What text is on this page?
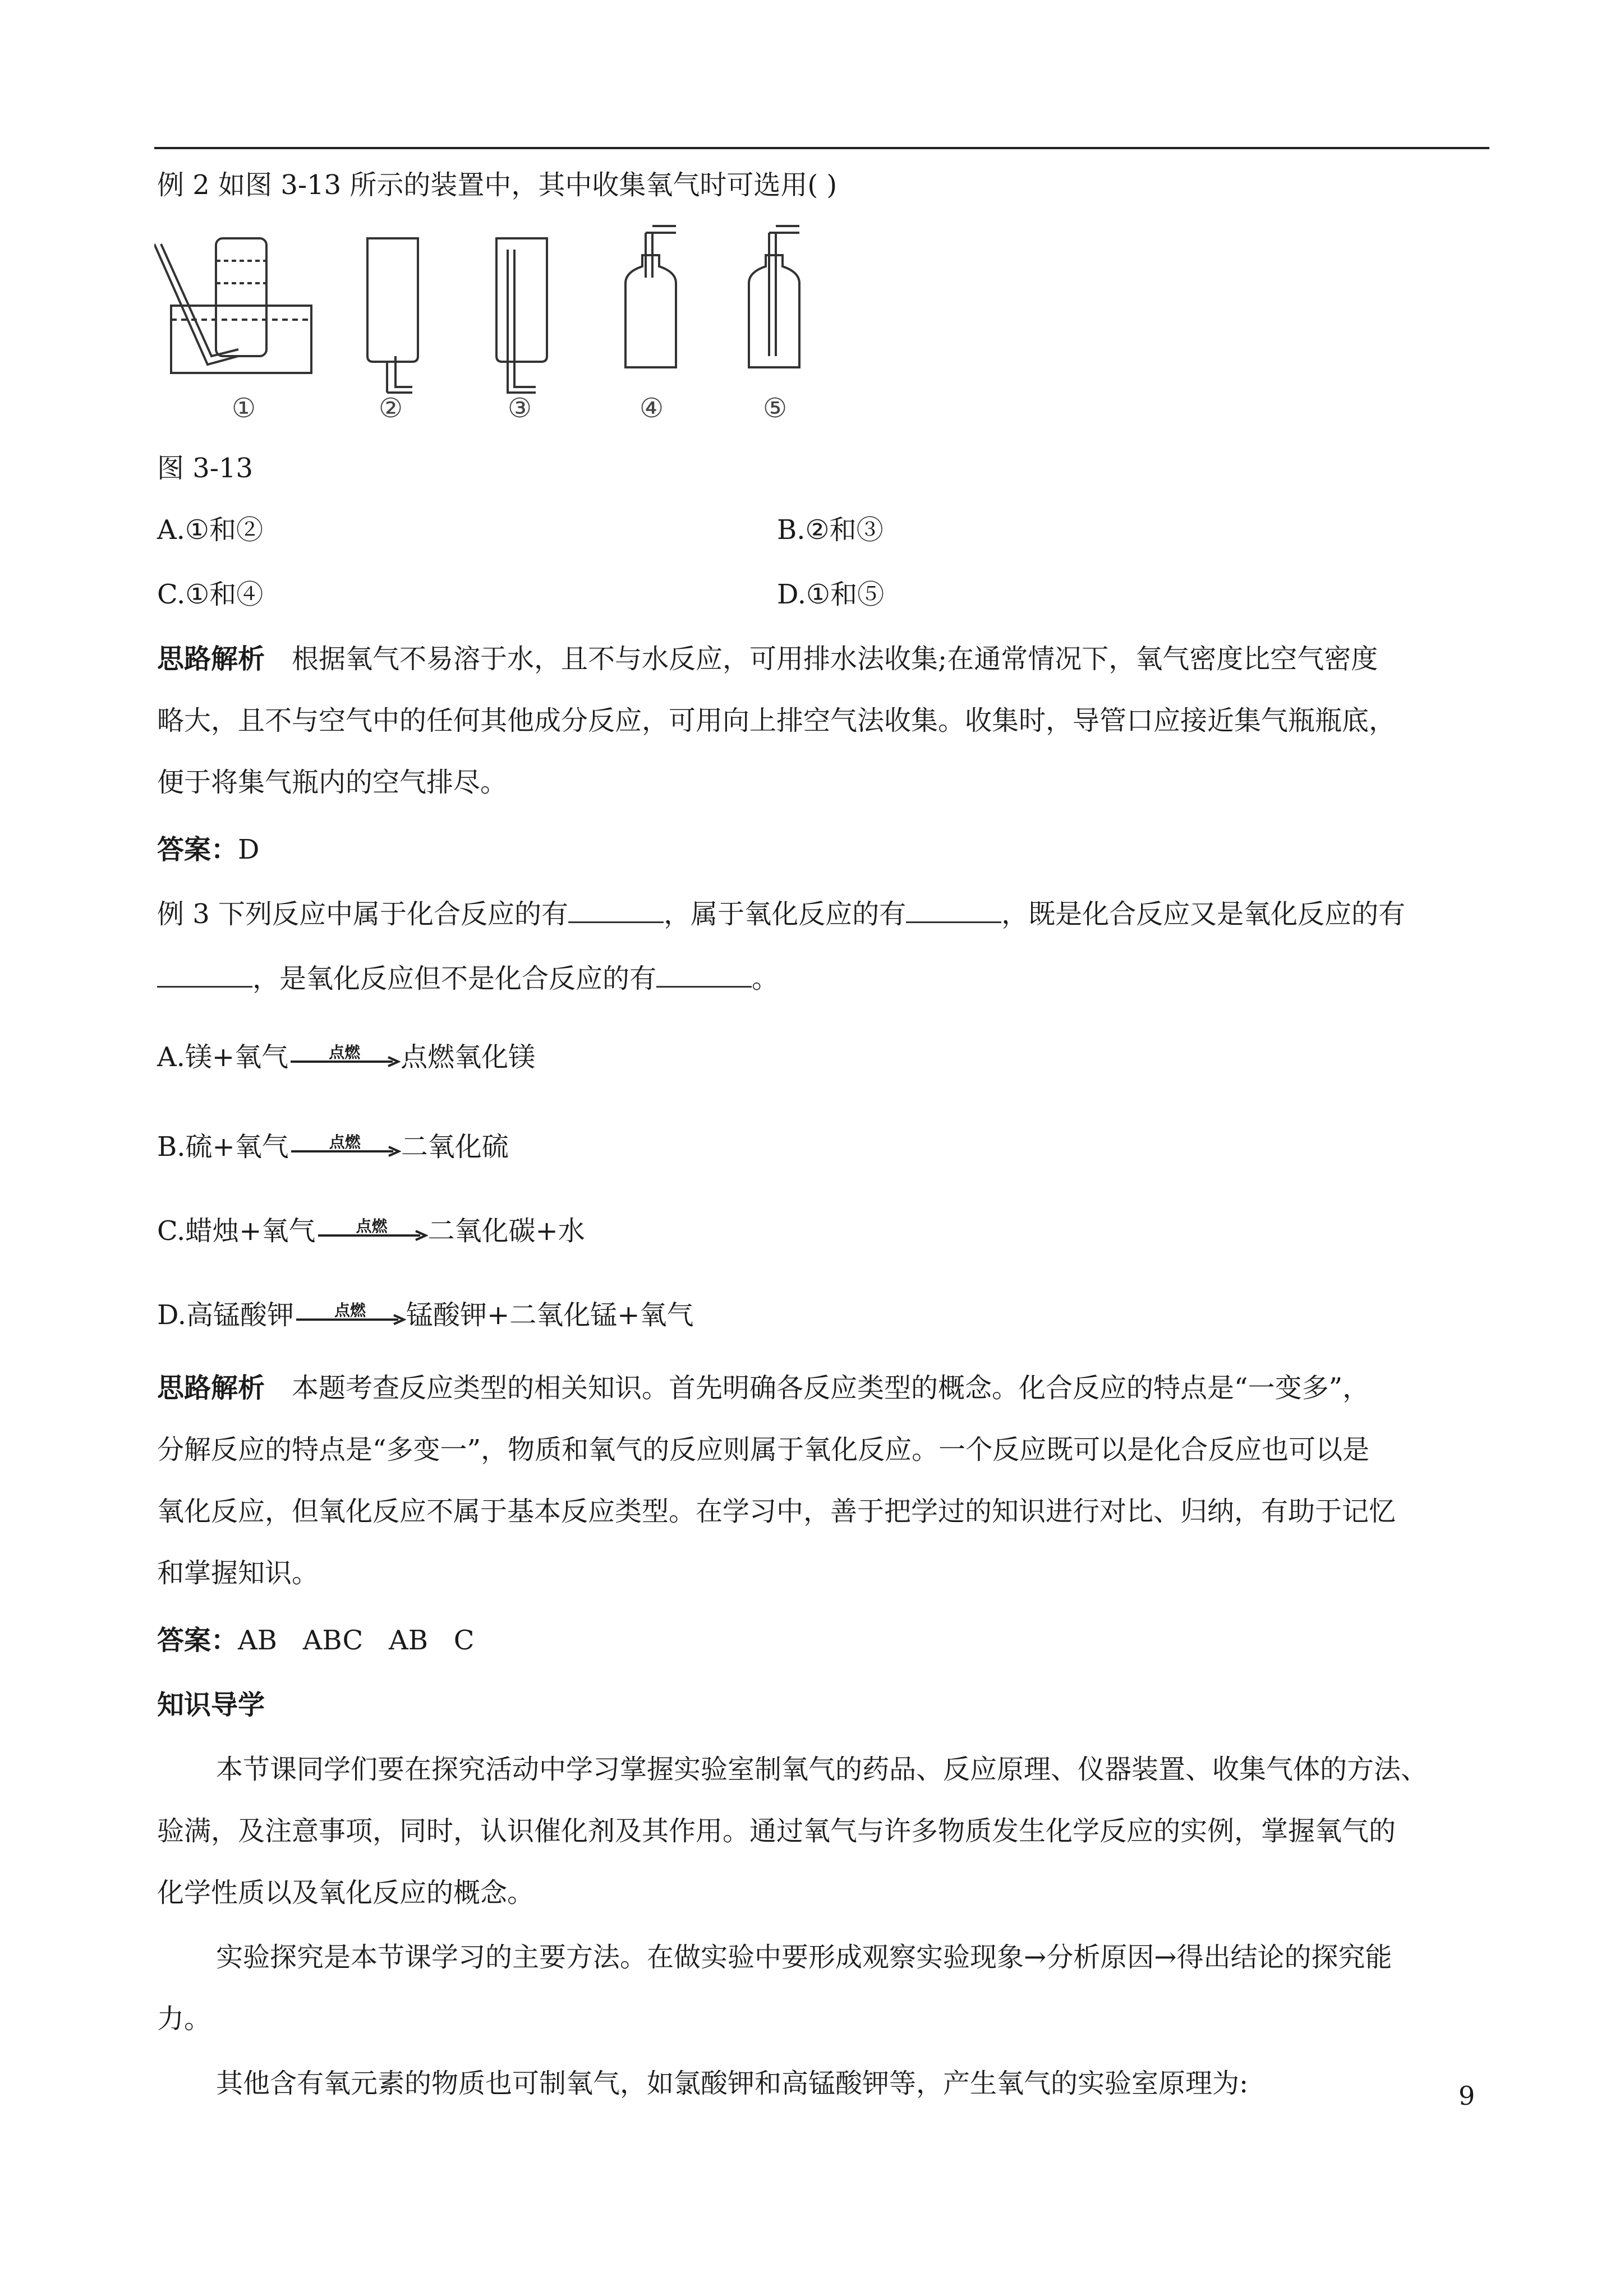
例 2 如图 3-13 所示的装置中，其中收集氧气时可选用( )
①	②	③	④	⑤
图 3-13
A.①和②	B.②和③
C.①和④	D.①和⑤
思路解析　 根据氧气不易溶于水，且不与水反应，可用排水法收集;在通常情况下，氧气密度比空气密度
略大，且不与空气中的任何其他成分反应，可用向上排空气法收集。收集时，导管口应接近集气瓶瓶底，
便于将集气瓶内的空气排尽。
答案：D
例 3 下列反应中属于化合反应的有	，属于氧化反应的有	，既是化合反应又是氧化反应的有
，是氧化反应但不是化合反应的有	。
A.镁+氧气	点燃	点燃氧化镁
B.硫+氧气	点燃	二氧化硫
C.蜡烛+氧气	点燃	二氧化碳+水
D.高锰酸钾	点燃	锰酸钾+二氧化锰+氧气
思路解析　 本题考查反应类型的相关知识。首先明确各反应类型的概念。化合反应的特点是“一变多”，
分解反应的特点是“多变一”，物质和氧气的反应则属于氧化反应。一个反应既可以是化合反应也可以是
氧化反应，但氧化反应不属于基本反应类型。在学习中，善于把学过的知识进行对比、归纳，有助于记忆
和掌握知识。
答案：AB   ABC   AB   C
知识导学
本节课同学们要在探究活动中学习掌握实验室制氧气的药品、反应原理、仪器装置、收集气体的方法、
验满，及注意事项，同时，认识催化剂及其作用。通过氧气与许多物质发生化学反应的实例，掌握氧气的
化学性质以及氧化反应的概念。
实验探究是本节课学习的主要方法。在做实验中要形成观察实验现象→分析原因→得出结论的探究能
力。
其他含有氧元素的物质也可制氧气，如氯酸钾和高锰酸钾等，产生氧气的实验室原理为:	9
